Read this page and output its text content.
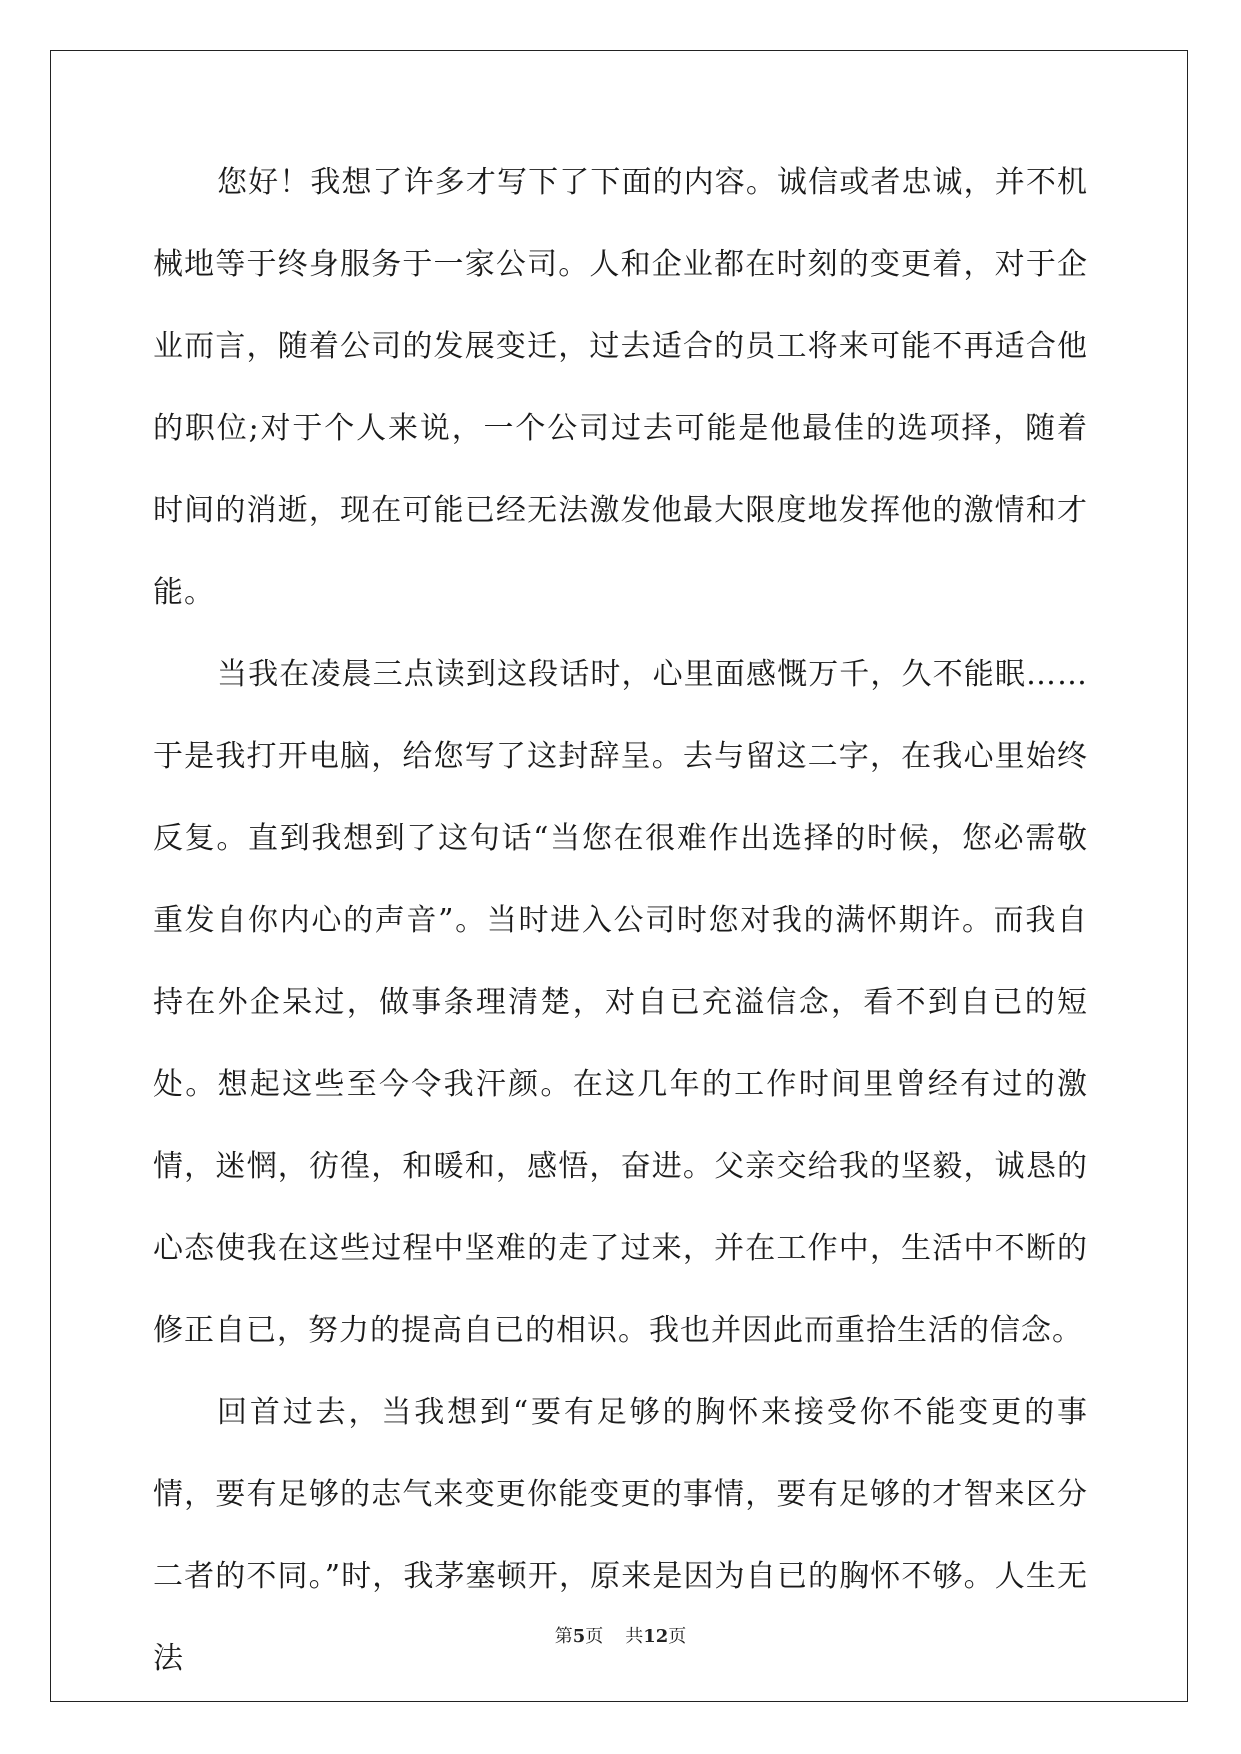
您好！我想了许多才写下了下面的内容。诚信或者忠诚，并不机械地等于终身服务于一家公司。人和企业都在时刻的变更着，对于企业而言，随着公司的发展变迁，过去适合的员工将来可能不再适合他的职位;对于个人来说，一个公司过去可能是他最佳的选项择，随着时间的消逝，现在可能已经无法激发他最大限度地发挥他的激情和才能。

当我在凌晨三点读到这段话时，心里面感慨万千，久不能眠……于是我打开电脑，给您写了这封辞呈。去与留这二字，在我心里始终反复。直到我想到了这句话“当您在很难作出选择的时候，您必需敬重发自你内心的声音”。当时进入公司时您对我的满怀期许。而我自持在外企呆过，做事条理清楚，对自已充溢信念，看不到自已的短处。想起这些至今令我汗颜。在这几年的工作时间里曾经有过的激情，迷惘，彷徨，和暖和，感悟，奋进。父亲交给我的坚毅，诚恳的心态使我在这些过程中坚难的走了过来，并在工作中，生活中不断的修正自已，努力的提高自已的相识。我也并因此而重拾生活的信念。

回首过去，当我想到“要有足够的胸怀来接受你不能变更的事情，要有足够的志气来变更你能变更的事情，要有足够的才智来区分二者的不同。”时，我茅塞顿开，原来是因为自已的胸怀不够。人生无法

第5页 共12页
